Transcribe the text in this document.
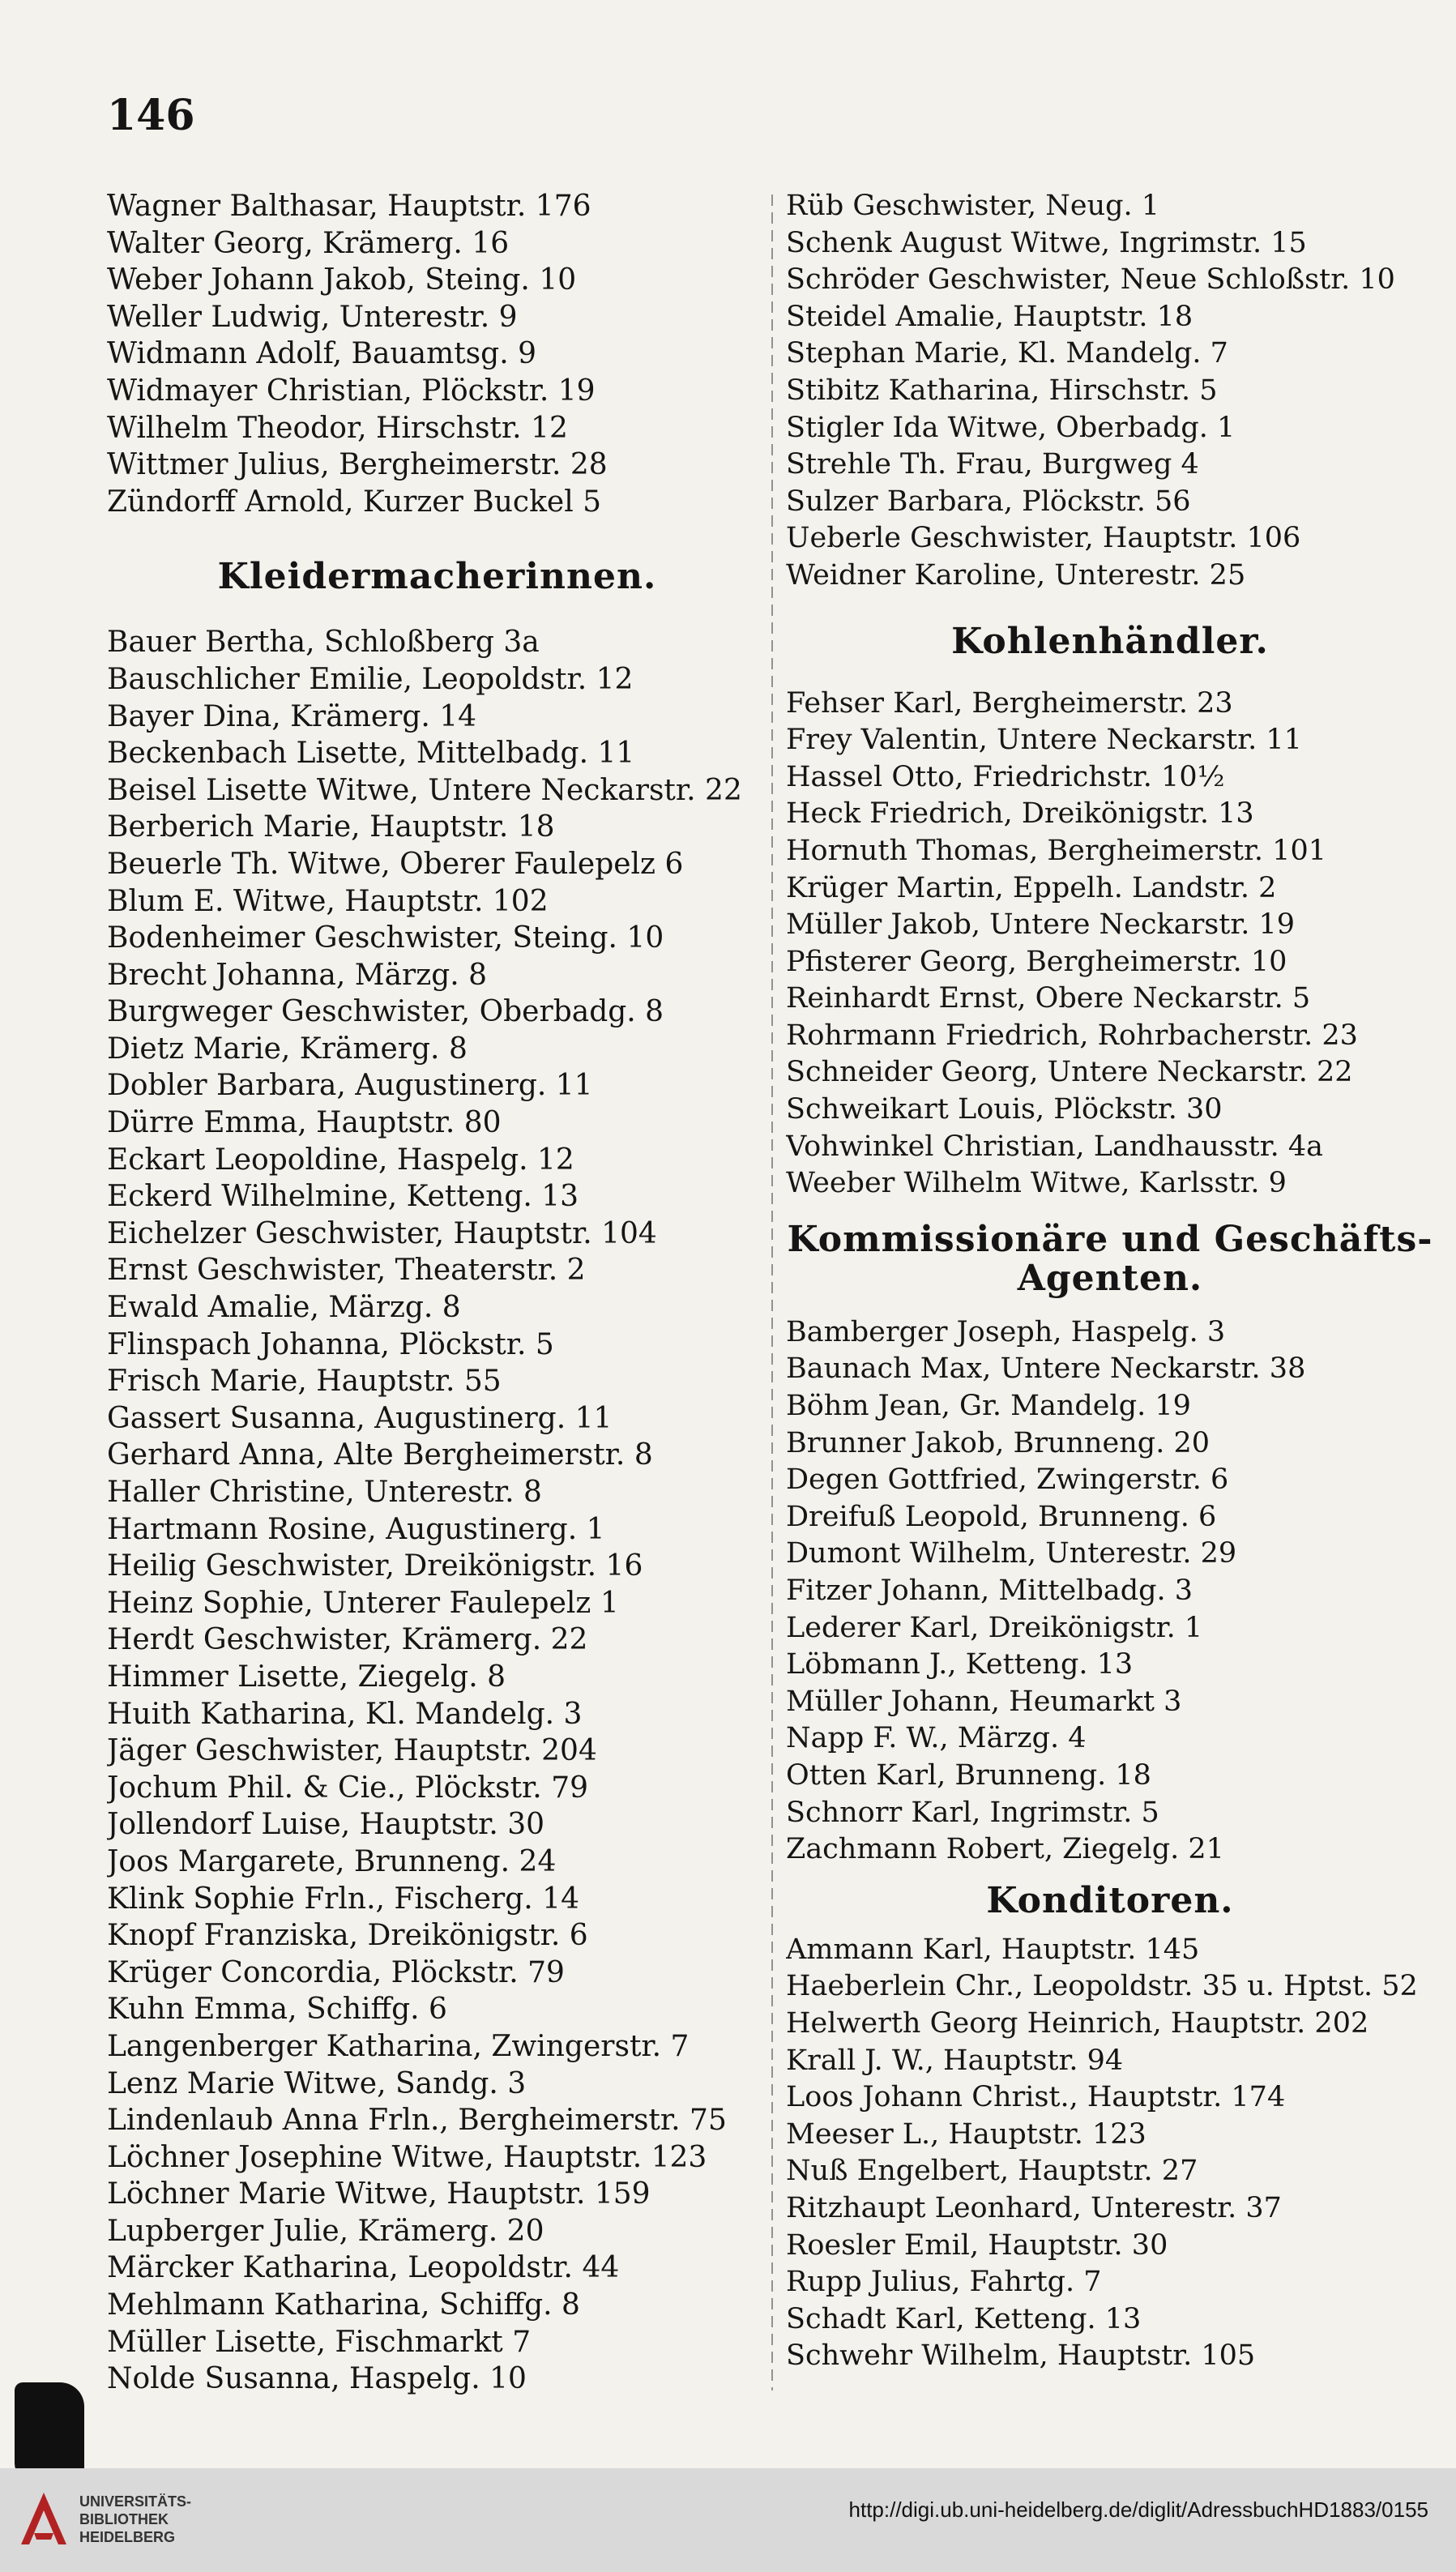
146
Wagner Balthasar, Hauptstr. 176
Walter Georg, Krämerg. 16
Weber Johann Jakob, Steing. 10
Weller Ludwig, Unterestr. 9
Widmann Adolf, Bauamtsg. 9
Widmayer Christian, Plöckstr. 19
Wilhelm Theodor, Hirschstr. 12
Wittmer Julius, Bergheimerstr. 28
Zündorff Arnold, Kurzer Buckel 5
Kleidermacherinnen.
Bauer Bertha, Schloßberg 3a
Bauschlicher Emilie, Leopoldstr. 12
Bayer Dina, Krämerg. 14
Beckenbach Lisette, Mittelbadg. 11
Beisel Lisette Witwe, Untere Neckarstr. 22
Berberich Marie, Hauptstr. 18
Beuerle Th. Witwe, Oberer Faulepelz 6
Blum E. Witwe, Hauptstr. 102
Bodenheimer Geschwister, Steing. 10
Brecht Johanna, Märzg. 8
Burgweger Geschwister, Oberbadg. 8
Dietz Marie, Krämerg. 8
Dobler Barbara, Augustinerg. 11
Dürre Emma, Hauptstr. 80
Eckart Leopoldine, Haspelg. 12
Eckerd Wilhelmine, Ketteng. 13
Eichelzer Geschwister, Hauptstr. 104
Ernst Geschwister, Theaterstr. 2
Ewald Amalie, Märzg. 8
Flinspach Johanna, Plöckstr. 5
Frisch Marie, Hauptstr. 55
Gassert Susanna, Augustinerg. 11
Gerhard Anna, Alte Bergheimerstr. 8
Haller Christine, Unterestr. 8
Hartmann Rosine, Augustinerg. 1
Heilig Geschwister, Dreikönigstr. 16
Heinz Sophie, Unterer Faulepelz 1
Herdt Geschwister, Krämerg. 22
Himmer Lisette, Ziegelg. 8
Huith Katharina, Kl. Mandelg. 3
Jäger Geschwister, Hauptstr. 204
Jochum Phil. & Cie., Plöckstr. 79
Jollendorf Luise, Hauptstr. 30
Joos Margarete, Brunneng. 24
Klink Sophie Frln., Fischerg. 14
Knopf Franziska, Dreikönigstr. 6
Krüger Concordia, Plöckstr. 79
Kuhn Emma, Schiffg. 6
Langenberger Katharina, Zwingerstr. 7
Lenz Marie Witwe, Sandg. 3
Lindenlaub Anna Frln., Bergheimerstr. 75
Löchner Josephine Witwe, Hauptstr. 123
Löchner Marie Witwe, Hauptstr. 159
Lupberger Julie, Krämerg. 20
Märcker Katharina, Leopoldstr. 44
Mehlmann Katharina, Schiffg. 8
Müller Lisette, Fischmarkt 7
Nolde Susanna, Haspelg. 10
Rüb Geschwister, Neug. 1
Schenk August Witwe, Ingrimstr. 15
Schröder Geschwister, Neue Schloßstr. 10
Steidel Amalie, Hauptstr. 18
Stephan Marie, Kl. Mandelg. 7
Stibitz Katharina, Hirschstr. 5
Stigler Ida Witwe, Oberbadg. 1
Strehle Th. Frau, Burgweg 4
Sulzer Barbara, Plöckstr. 56
Ueberle Geschwister, Hauptstr. 106
Weidner Karoline, Unterestr. 25
Kohlenhändler.
Fehser Karl, Bergheimerstr. 23
Frey Valentin, Untere Neckarstr. 11
Hassel Otto, Friedrichstr. 10½
Heck Friedrich, Dreikönigstr. 13
Hornuth Thomas, Bergheimerstr. 101
Krüger Martin, Eppelh. Landstr. 2
Müller Jakob, Untere Neckarstr. 19
Pfisterer Georg, Bergheimerstr. 10
Reinhardt Ernst, Obere Neckarstr. 5
Rohrmann Friedrich, Rohrbacherstr. 23
Schneider Georg, Untere Neckarstr. 22
Schweikart Louis, Plöckstr. 30
Vohwinkel Christian, Landhausstr. 4a
Weeber Wilhelm Witwe, Karlsstr. 9
Kommissionäre und Geschäfts-
Agenten.
Bamberger Joseph, Haspelg. 3
Baunach Max, Untere Neckarstr. 38
Böhm Jean, Gr. Mandelg. 19
Brunner Jakob, Brunneng. 20
Degen Gottfried, Zwingerstr. 6
Dreifuß Leopold, Brunneng. 6
Dumont Wilhelm, Unterestr. 29
Fitzer Johann, Mittelbadg. 3
Lederer Karl, Dreikönigstr. 1
Löbmann J., Ketteng. 13
Müller Johann, Heumarkt 3
Napp F. W., Märzg. 4
Otten Karl, Brunneng. 18
Schnorr Karl, Ingrimstr. 5
Zachmann Robert, Ziegelg. 21
Konditoren.
Ammann Karl, Hauptstr. 145
Haeberlein Chr., Leopoldstr. 35 u. Hptst. 52
Helwerth Georg Heinrich, Hauptstr. 202
Krall J. W., Hauptstr. 94
Loos Johann Christ., Hauptstr. 174
Meeser L., Hauptstr. 123
Nuß Engelbert, Hauptstr. 27
Ritzhaupt Leonhard, Unterestr. 37
Roesler Emil, Hauptstr. 30
Rupp Julius, Fahrtg. 7
Schadt Karl, Ketteng. 13
Schwehr Wilhelm, Hauptstr. 105
UNIVERSITÄTS-
BIBLIOTHEK
HEIDELBERG
http://digi.ub.uni-heidelberg.de/diglit/AdressbuchHD1883/0155
